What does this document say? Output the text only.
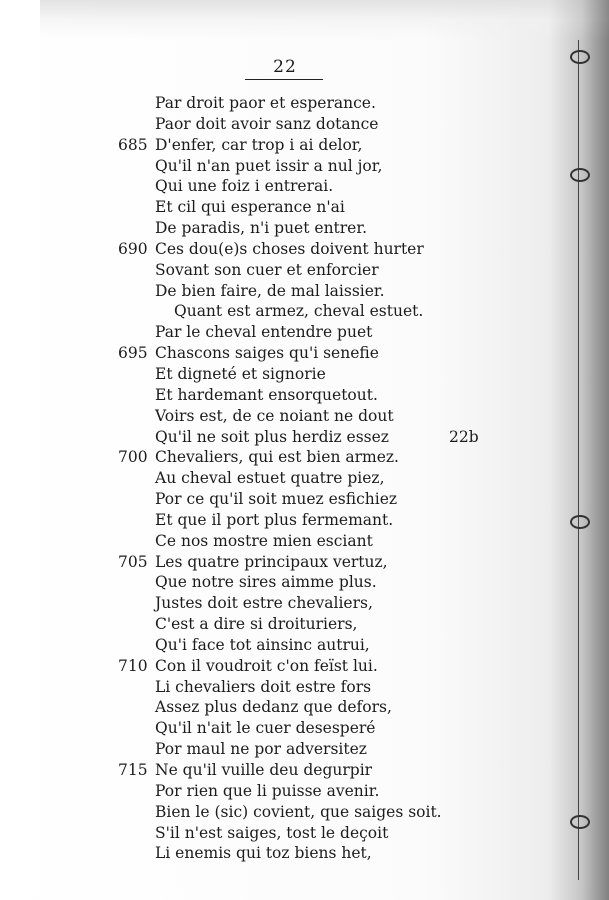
22
Par droit paor et esperance.
Paor doit avoir sanz dotance
685 D'enfer, car trop i ai delor,
Qu'il n'an puet issir a nul jor,
Qui une foiz i entrerai.
Et cil qui esperance n'ai
De paradis, n'i puet entrer.
690 Ces dou(e)s choses doivent hurter
Sovant son cuer et enforcier
De bien faire, de mal laissier.
Quant est armez, cheval estuet.
Par le cheval entendre puet
695 Chascons saiges qu'i senefie
Et digneté et signorie
Et hardemant ensorquetout.
Voirs est, de ce noiant ne dout
Qu'il ne soit plus herdiz essez	22b
700 Chevaliers, qui est bien armez.
Au cheval estuet quatre piez,
Por ce qu'il soit muez esfichiez
Et que il port plus fermemant.
Ce nos mostre mien esciant
705 Les quatre principaux vertuz,
Que notre sires aimme plus.
Justes doit estre chevaliers,
C'est a dire si droituriers,
Qu'i face tot ainsinc autrui,
710 Con il voudroit c'on feïst lui.
Li chevaliers doit estre fors
Assez plus dedanz que defors,
Qu'il n'ait le cuer desesperé
Por maul ne por adversitez
715 Ne qu'il vuille deu degurpir
Por rien que li puisse avenir.
Bien le (sic) covient, que saiges soit.
S'il n'est saiges, tost le deçoit
Li enemis qui toz biens het,
